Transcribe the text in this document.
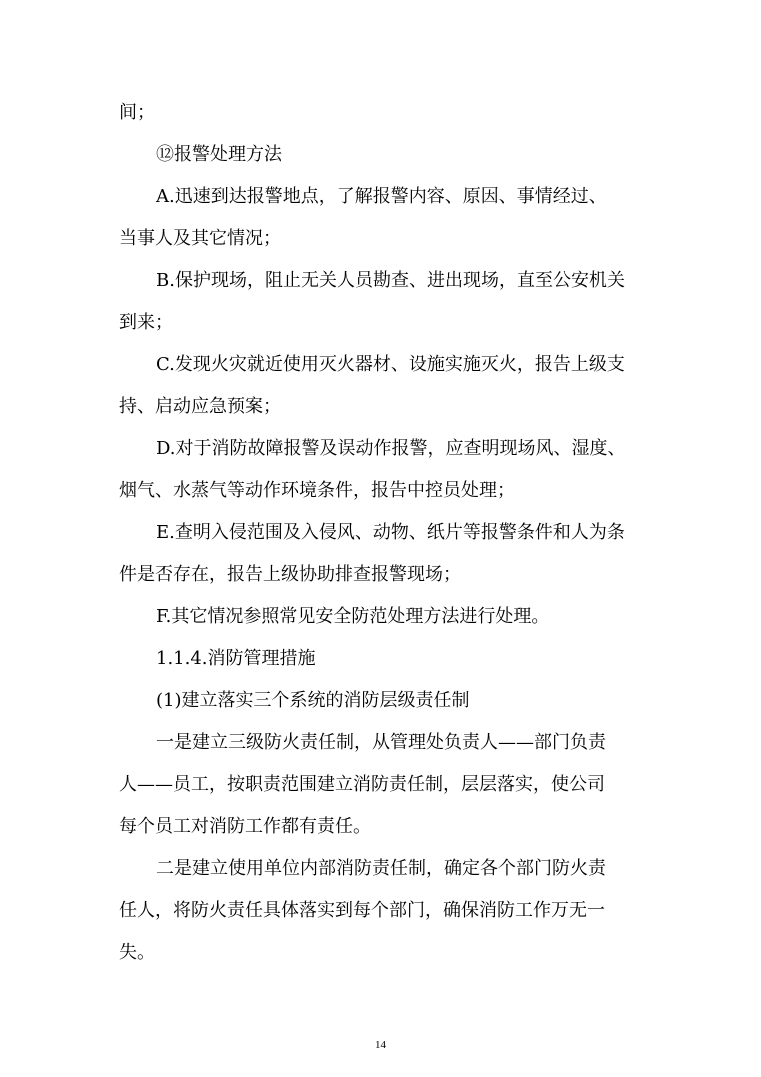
间；
⑫报警处理方法
A.迅速到达报警地点，了解报警内容、原因、事情经过、
当事人及其它情况；
B.保护现场，阻止无关人员勘查、进出现场，直至公安机关
到来；
C.发现火灾就近使用灭火器材、设施实施灭火，报告上级支
持、启动应急预案；
D.对于消防故障报警及误动作报警，应查明现场风、湿度、
烟气、水蒸气等动作环境条件，报告中控员处理；
E.查明入侵范围及入侵风、动物、纸片等报警条件和人为条
件是否存在，报告上级协助排查报警现场；
F.其它情况参照常见安全防范处理方法进行处理。
1.1.4.消防管理措施
(1)建立落实三个系统的消防层级责任制
一是建立三级防火责任制，从管理处负责人——部门负责
人——员工，按职责范围建立消防责任制，层层落实，使公司
每个员工对消防工作都有责任。
二是建立使用单位内部消防责任制，确定各个部门防火责
任人，将防火责任具体落实到每个部门，确保消防工作万无一
失。
14
